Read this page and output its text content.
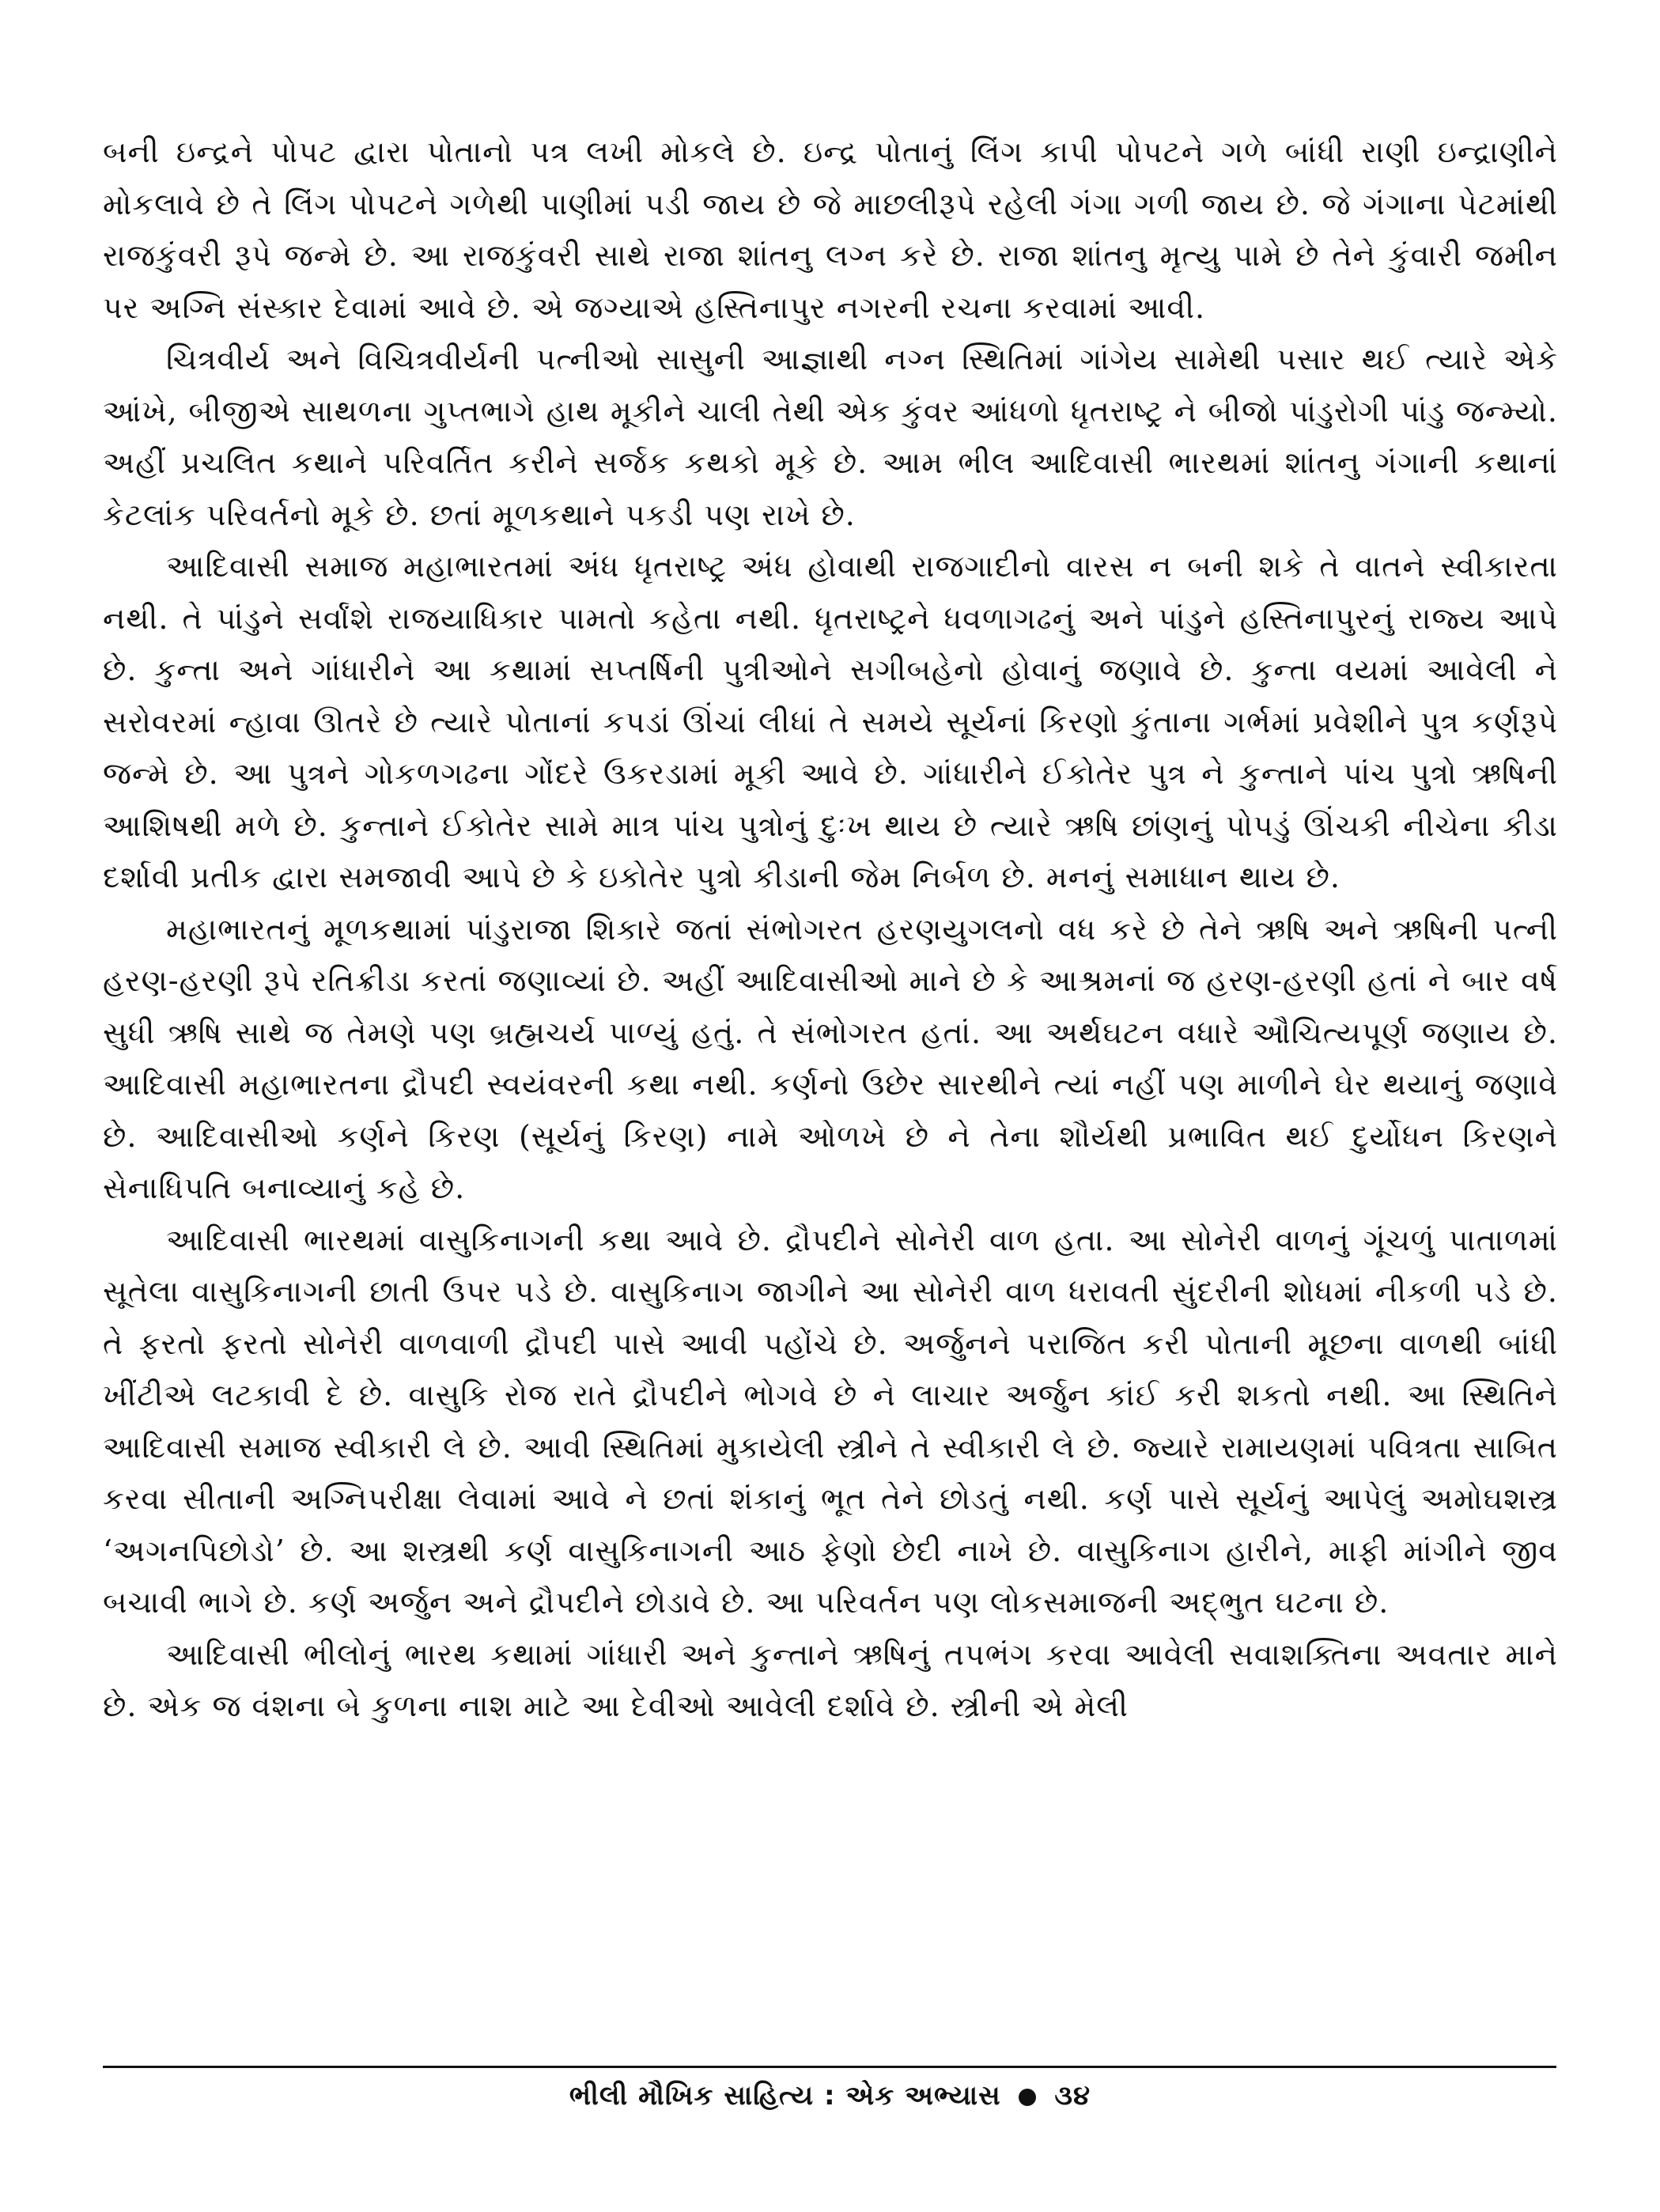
બની ઇન્દ્રને પોપટ દ્વારા પોતાનો પત્ર લખી મોકલે છે. ઇન્દ્ર પોતાનું લિંગ કાપી પોપટને ગળે બાંધી રાણી ઇન્દ્રાણીને મોકલાવે છે તે લિંગ પોપટને ગળેથી પાણીમાં પડી જાય છે જે માછલીરૂપે રહેલી ગંગા ગળી જાય છે. જે ગંગાના પેટમાંથી રાજકુંવરી રૂપે જન્મે છે. આ રાજકુંવરી સાથે રાજા શાંતનુ લગ્ન કરે છે. રાજા શાંતનુ મૃત્યુ પામે છે તેને કુંવારી જમીન પર અગ્નિ સંસ્કાર દેવામાં આવે છે. એ જગ્યાએ હસ્તિનાપુર નગરની રચના કરવામાં આવી.

ચિત્રવીર્ય અને વિચિત્રવીર્યની પત્નીઓ સાસુની આજ્ઞાથી નગ્ન સ્થિતિમાં ગાંગેય સામેથી પસાર થઈ ત્યારે એકે આંખે, બીજીએ સાથળના ગુપ્તભાગે હાથ મૂકીને ચાલી તેથી એક કુંવર આંધળો ધૃતરાષ્ટ્ર ને બીજો પાંડુરોગી પાંડુ જન્મ્યો. અહીં પ્રચલિત કથાને પરિવર્તિત કરીને સર્જક કથકો મૂકે છે. આમ ભીલ આદિવાસી ભારથમાં શાંતનુ ગંગાની કથાનાં કેટલાંક પરિવર્તનો મૂકે છે. છતાં મૂળકથાને પકડી પણ રાખે છે.

આદિવાસી સમાજ મહાભારતમાં અંધ ધૃતરાષ્ટ્ર અંધ હોવાથી રાજગાદીનો વારસ ન બની શકે તે વાતને સ્વીકારતા નથી. તે પાંડુને સર્વાંશે રાજયાધિકાર પામતો કહેતા નથી. ધૃતરાષ્ટ્રને ધવળાગઢનું અને પાંડુને હસ્તિનાપુરનું રાજ્ય આપે છે. કુન્તા અને ગાંધારીને આ કથામાં સપ્તર્ષિની પુત્રીઓને સગીબહેનો હોવાનું જણાવે છે. કુન્તા વયમાં આવેલી ને સરોવરમાં ન્હાવા ઊતરે છે ત્યારે પોતાનાં કપડાં ઊંચાં લીધાં તે સમયે સૂર્યનાં કિરણો કુંતાના ગર્ભમાં પ્રવેશીને પુત્ર કર્ણરૂપે જન્મે છે. આ પુત્રને ગોકળગઢના ગોંદરે ઉકરડામાં મૂકી આવે છે. ગાંધારીને ઈકોતેર પુત્ર ને કુન્તાને પાંચ પુત્રો ઋષિની આશિષથી મળે છે. કુન્તાને ઈકોતેર સામે માત્ર પાંચ પુત્રોનું દુઃખ થાય છે ત્યારે ઋષિ છાંણનું પોપડું ઊંચકી નીચેના કીડા દર્શાવી પ્રતીક દ્વારા સમજાવી આપે છે કે ઇકોતેર પુત્રો કીડાની જેમ નિર્બળ છે. મનનું સમાધાન થાય છે.

મહાભારતનું મૂળકથામાં પાંડુરાજા શિકારે જતાં સંભોગરત હરણયુગલનો વધ કરે છે તેને ઋષિ અને ઋષિની પત્ની હરણ-હરણી રૂપે રતિક્રીડા કરતાં જણાવ્યાં છે. અહીં આદિવાસીઓ માને છે કે આશ્રમનાં જ હરણ-હરણી હતાં ને બાર વર્ષ સુધી ઋષિ સાથે જ તેમણે પણ બ્રહ્મચર્ય પાળ્યું હતું. તે સંભોગરત હતાં. આ અર્થઘટન વધારે ઔચિત્યપૂર્ણ જણાય છે. આદિવાસી મહાભારતના દ્રૌપદી સ્વયંવરની કથા નથી. કર્ણનો ઉછેર સારથીને ત્યાં નહીં પણ માળીને ઘેર થયાનું જણાવે છે. આદિવાસીઓ કર્ણને કિરણ (સૂર્યનું કિરણ) નામે ઓળખે છે ને તેના શૌર્યથી પ્રભાવિત થઈ દુર્યોધન કિરણને સેનાધિપતિ બનાવ્યાનું કહે છે.

આદિવાસી ભારથમાં વાસુકિનાગની કથા આવે છે. દ્રૌપદીને સોનેરી વાળ હતા. આ સોનેરી વાળનું ગૂંચળું પાતાળમાં સૂતેલા વાસુકિનાગની છાતી ઉપર પડે છે. વાસુકિનાગ જાગીને આ સોનેરી વાળ ધરાવતી સુંદરીની શોધમાં નીકળી પડે છે. તે ફરતો ફરતો સોનેરી વાળવાળી દ્રૌપદી પાસે આવી પહોંચે છે. અર્જુનને પરાજિત કરી પોતાની મૂછના વાળથી બાંધી ખીંટીએ લટકાવી દે છે. વાસુકિ રોજ રાતે દ્રૌપદીને ભોગવે છે ને લાચાર અર્જુન કાંઈ કરી શકતો નથી. આ સ્થિતિને આદિવાસી સમાજ સ્વીકારી લે છે. આવી સ્થિતિમાં મુકાયેલી સ્ત્રીને તે સ્વીકારી લે છે. જ્યારે રામાયણમાં પવિત્રતા સાબિત કરવા સીતાની અગ્નિપરીક્ષા લેવામાં આવે ને છતાં શંકાનું ભૂત તેને છોડતું નથી. કર્ણ પાસે સૂર્યનું આપેલું અમોઘશસ્ત્ર ‘અગનપિછોડો’ છે. આ શસ્ત્રથી કર્ણ વાસુકિનાગની આઠ ફેણો છેદી નાખે છે. વાસુકિનાગ હારીને, માફી માંગીને જીવ બચાવી ભાગે છે. કર્ણ અર્જુન અને દ્રૌપદીને છોડાવે છે. આ પરિવર્તન પણ લોકસમાજની અદ્ભુત ઘટના છે.

આદિવાસી ભીલોનું ભારથ કથામાં ગાંધારી અને કુન્તાને ઋષિનું તપભંગ કરવા આવેલી સવાશક્તિના અવતાર માને છે. એક જ વંશના બે કુળના નાશ માટે આ દેવીઓ આવેલી દર્શાવે છે. સ્ત્રીની એ મેલી

ભીલી મૌખિક સાહિત્ય : એક અભ્યાસ ૩૪
